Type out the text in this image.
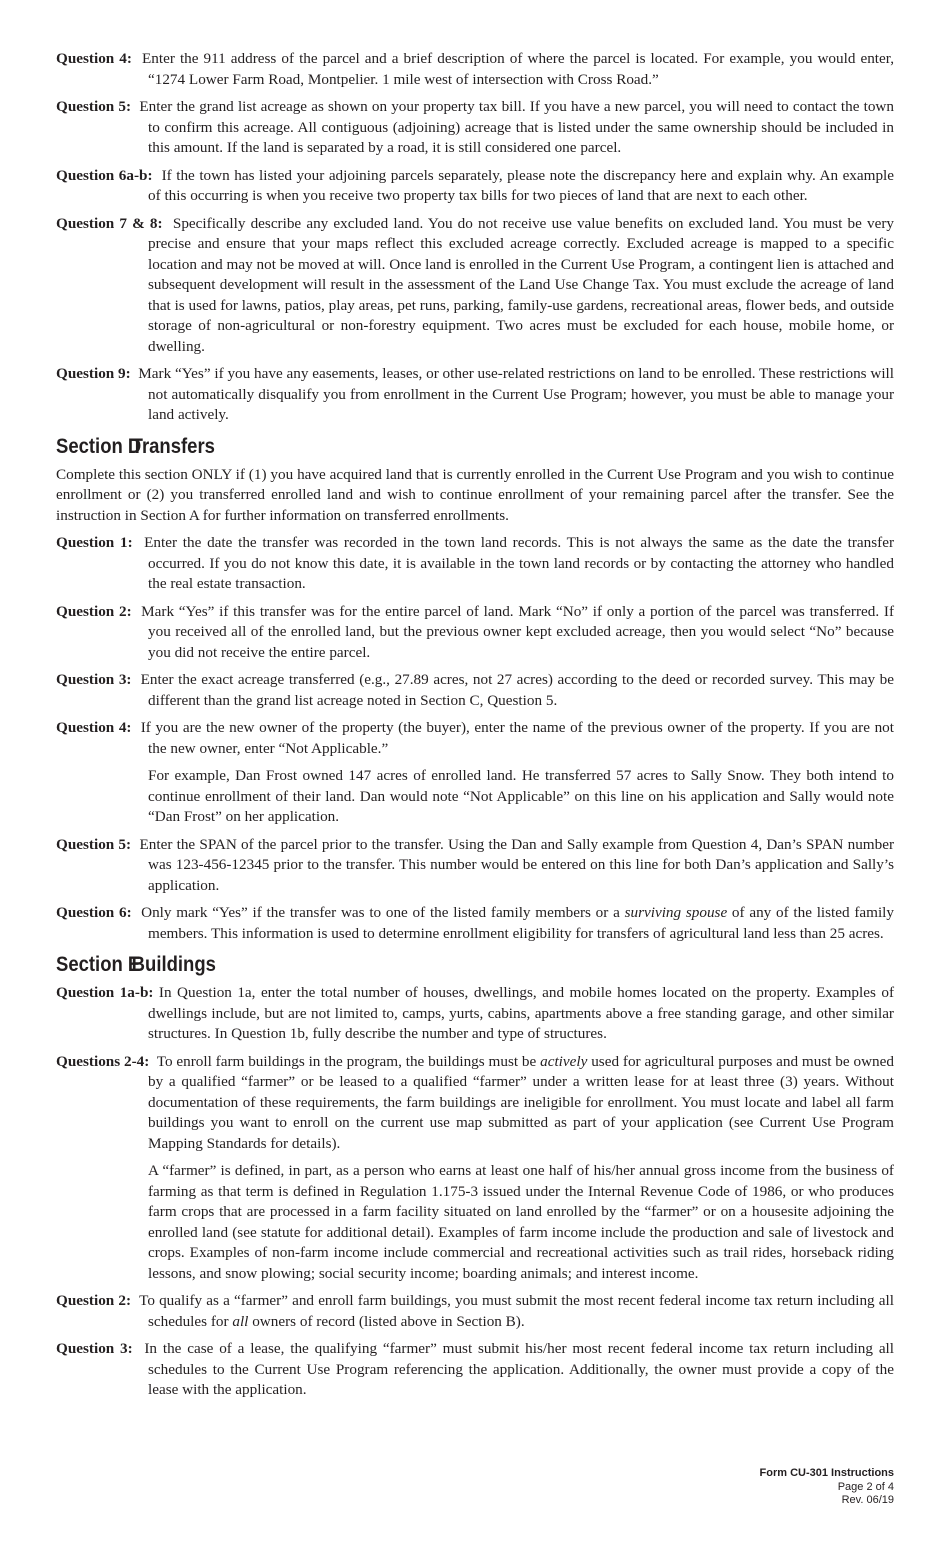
Question 4: Enter the 911 address of the parcel and a brief description of where the parcel is located. For example, you would enter, “1274 Lower Farm Road, Montpelier. 1 mile west of intersection with Cross Road.”

Question 5: Enter the grand list acreage as shown on your property tax bill. If you have a new parcel, you will need to contact the town to confirm this acreage. All contiguous (adjoining) acreage that is listed under the same ownership should be included in this amount. If the land is separated by a road, it is still considered one parcel.

Question 6a-b: If the town has listed your adjoining parcels separately, please note the discrepancy here and explain why. An example of this occurring is when you receive two property tax bills for two pieces of land that are next to each other.

Question 7 & 8: Specifically describe any excluded land. You do not receive use value benefits on excluded land. You must be very precise and ensure that your maps reflect this excluded acreage correctly. Excluded acreage is mapped to a specific location and may not be moved at will. Once land is enrolled in the Current Use Program, a contingent lien is attached and subsequent development will result in the assessment of the Land Use Change Tax. You must exclude the acreage of land that is used for lawns, patios, play areas, pet runs, parking, family-use gardens, recreational areas, flower beds, and outside storage of non-agricultural or non-forestry equipment. Two acres must be excluded for each house, mobile home, or dwelling.

Question 9: Mark “Yes” if you have any easements, leases, or other use-related restrictions on land to be enrolled. These restrictions will not automatically disqualify you from enrollment in the Current Use Program; however, you must be able to manage your land actively.

Section DTransfers

Complete this section ONLY if (1) you have acquired land that is currently enrolled in the Current Use Program and you wish to continue enrollment or (2) you transferred enrolled land and wish to continue enrollment of your remaining parcel after the transfer. See the instruction in Section A for further information on transferred enrollments.

Question 1: Enter the date the transfer was recorded in the town land records. This is not always the same as the date the transfer occurred. If you do not know this date, it is available in the town land records or by contacting the attorney who handled the real estate transaction.

Question 2: Mark “Yes” if this transfer was for the entire parcel of land. Mark “No” if only a portion of the parcel was transferred. If you received all of the enrolled land, but the previous owner kept excluded acreage, then you would select “No” because you did not receive the entire parcel.

Question 3: Enter the exact acreage transferred (e.g., 27.89 acres, not 27 acres) according to the deed or recorded survey. This may be different than the grand list acreage noted in Section C, Question 5.

Question 4: If you are the new owner of the property (the buyer), enter the name of the previous owner of the property. If you are not the new owner, enter “Not Applicable.”

For example, Dan Frost owned 147 acres of enrolled land. He transferred 57 acres to Sally Snow. They both intend to continue enrollment of their land. Dan would note “Not Applicable” on this line on his application and Sally would note “Dan Frost” on her application.

Question 5: Enter the SPAN of the parcel prior to the transfer. Using the Dan and Sally example from Question 4, Dan’s SPAN number was 123-456-12345 prior to the transfer. This number would be entered on this line for both Dan’s application and Sally’s application.

Question 6: Only mark “Yes” if the transfer was to one of the listed family members or a surviving spouse of any of the listed family members. This information is used to determine enrollment eligibility for transfers of agricultural land less than 25 acres.

Section EBuildings

Question 1a-b: In Question 1a, enter the total number of houses, dwellings, and mobile homes located on the property. Examples of dwellings include, but are not limited to, camps, yurts, cabins, apartments above a free standing garage, and other similar structures. In Question 1b, fully describe the number and type of structures.

Questions 2-4: To enroll farm buildings in the program, the buildings must be actively used for agricultural purposes and must be owned by a qualified “farmer” or be leased to a qualified “farmer” under a written lease for at least three (3) years. Without documentation of these requirements, the farm buildings are ineligible for enrollment. You must locate and label all farm buildings you want to enroll on the current use map submitted as part of your application (see Current Use Program Mapping Standards for details).

A “farmer” is defined, in part, as a person who earns at least one half of his/her annual gross income from the business of farming as that term is defined in Regulation 1.175-3 issued under the Internal Revenue Code of 1986, or who produces farm crops that are processed in a farm facility situated on land enrolled by the “farmer” or on a housesite adjoining the enrolled land (see statute for additional detail). Examples of farm income include the production and sale of livestock and crops. Examples of non-farm income include commercial and recreational activities such as trail rides, horseback riding lessons, and snow plowing; social security income; boarding animals; and interest income.

Question 2: To qualify as a “farmer” and enroll farm buildings, you must submit the most recent federal income tax return including all schedules for all owners of record (listed above in Section B).

Question 3: In the case of a lease, the qualifying “farmer” must submit his/her most recent federal income tax return including all schedules to the Current Use Program referencing the application. Additionally, the owner must provide a copy of the lease with the application.

Form CU-301 Instructions
Page 2 of 4
Rev. 06/19
